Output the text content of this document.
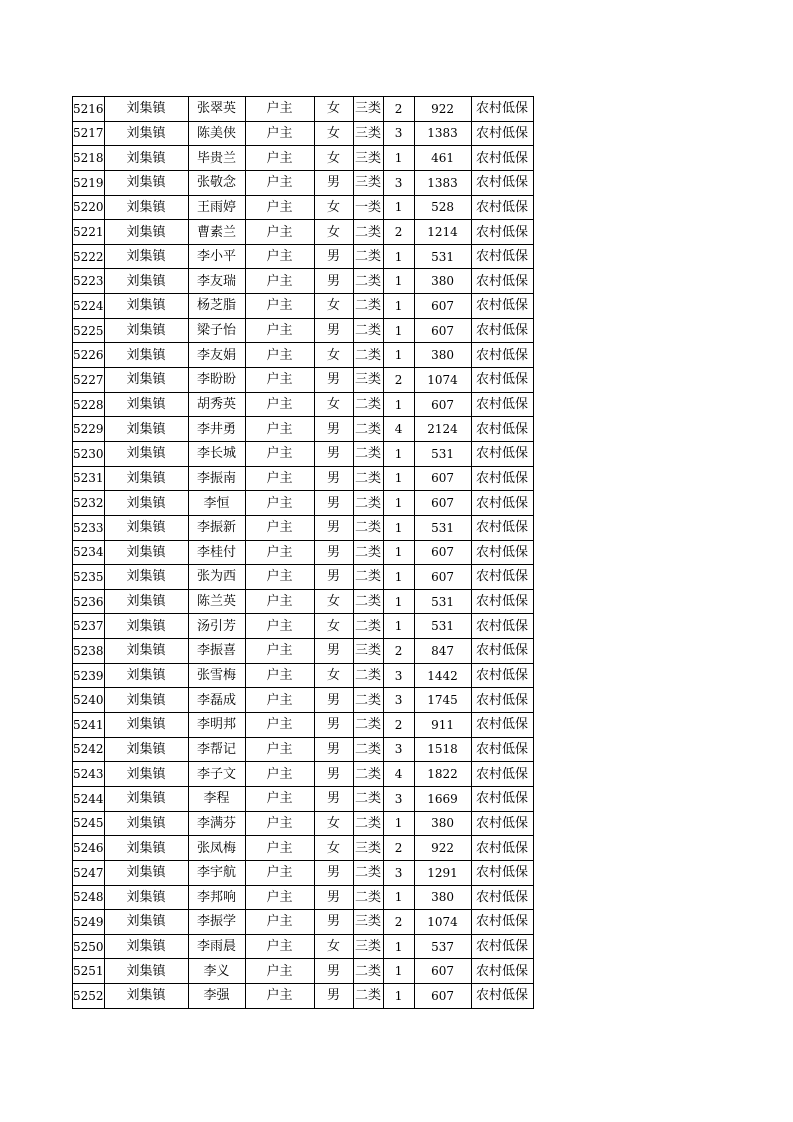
5216	刘集镇	张翠英	户主	女	三类	2	922	农村低保
5217	刘集镇	陈美侠	户主	女	三类	3	1383	农村低保
5218	刘集镇	毕贵兰	户主	女	三类	1	461	农村低保
5219	刘集镇	张敬念	户主	男	三类	3	1383	农村低保
5220	刘集镇	王雨婷	户主	女	一类	1	528	农村低保
5221	刘集镇	曹素兰	户主	女	二类	2	1214	农村低保
5222	刘集镇	李小平	户主	男	二类	1	531	农村低保
5223	刘集镇	李友瑞	户主	男	二类	1	380	农村低保
5224	刘集镇	杨芝脂	户主	女	二类	1	607	农村低保
5225	刘集镇	梁子怡	户主	男	二类	1	607	农村低保
5226	刘集镇	李友娟	户主	女	二类	1	380	农村低保
5227	刘集镇	李盼盼	户主	男	三类	2	1074	农村低保
5228	刘集镇	胡秀英	户主	女	二类	1	607	农村低保
5229	刘集镇	李井勇	户主	男	二类	4	2124	农村低保
5230	刘集镇	李长城	户主	男	二类	1	531	农村低保
5231	刘集镇	李振南	户主	男	二类	1	607	农村低保
5232	刘集镇	李恒	户主	男	二类	1	607	农村低保
5233	刘集镇	李振新	户主	男	二类	1	531	农村低保
5234	刘集镇	李桂付	户主	男	二类	1	607	农村低保
5235	刘集镇	张为西	户主	男	二类	1	607	农村低保
5236	刘集镇	陈兰英	户主	女	二类	1	531	农村低保
5237	刘集镇	汤引芳	户主	女	二类	1	531	农村低保
5238	刘集镇	李振喜	户主	男	三类	2	847	农村低保
5239	刘集镇	张雪梅	户主	女	二类	3	1442	农村低保
5240	刘集镇	李磊成	户主	男	二类	3	1745	农村低保
5241	刘集镇	李明邦	户主	男	二类	2	911	农村低保
5242	刘集镇	李帮记	户主	男	二类	3	1518	农村低保
5243	刘集镇	李子文	户主	男	二类	4	1822	农村低保
5244	刘集镇	李程	户主	男	二类	3	1669	农村低保
5245	刘集镇	李满芬	户主	女	二类	1	380	农村低保
5246	刘集镇	张凤梅	户主	女	三类	2	922	农村低保
5247	刘集镇	李宇航	户主	男	二类	3	1291	农村低保
5248	刘集镇	李邦响	户主	男	二类	1	380	农村低保
5249	刘集镇	李振学	户主	男	三类	2	1074	农村低保
5250	刘集镇	李雨晨	户主	女	三类	1	537	农村低保
5251	刘集镇	李义	户主	男	二类	1	607	农村低保
5252	刘集镇	李强	户主	男	二类	1	607	农村低保
